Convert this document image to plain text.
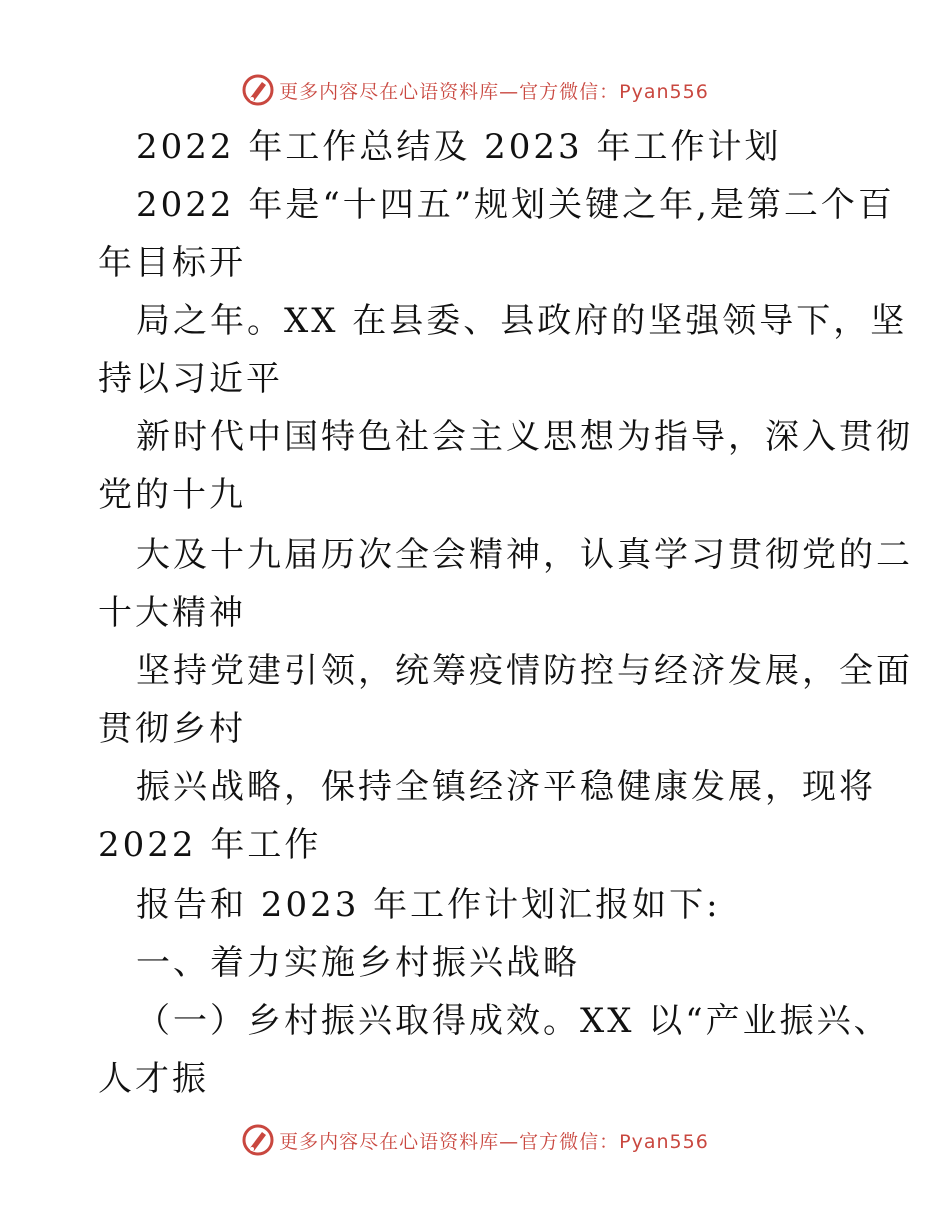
更多内容尽在心语资料库—官方微信：Pyan556
2022 年工作总结及 2023 年工作计划
2022 年是“十四五”规划关键之年,是第二个百
年目标开
局之年。XX 在县委、县政府的坚强领导下，坚
持以习近平
新时代中国特色社会主义思想为指导，深入贯彻
党的十九
大及十九届历次全会精神，认真学习贯彻党的二
十大精神
坚持党建引领，统筹疫情防控与经济发展，全面
贯彻乡村
振兴战略，保持全镇经济平稳健康发展，现将
2022 年工作
报告和 2023 年工作计划汇报如下:
一、着力实施乡村振兴战略
（一）乡村振兴取得成效。XX 以“产业振兴、
人才振
更多内容尽在心语资料库—官方微信：Pyan556
